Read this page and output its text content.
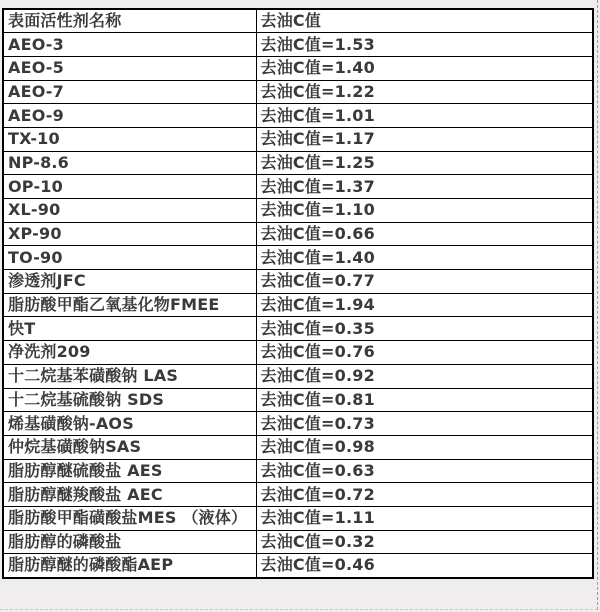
表面活性剂名称	去油C值
AEO-3	去油C值=1.53
AEO-5	去油C值=1.40
AEO-7	去油C值=1.22
AEO-9	去油C值=1.01
TX-10	去油C值=1.17
NP-8.6	去油C值=1.25
OP-10	去油C值=1.37
XL-90	去油C值=1.10
XP-90	去油C值=0.66
TO-90	去油C值=1.40
渗透剂JFC	去油C值=0.77
脂肪酸甲酯乙氧基化物FMEE	去油C值=1.94
快T	去油C值=0.35
净洗剂209	去油C值=0.76
十二烷基苯磺酸钠 LAS	去油C值=0.92
十二烷基硫酸钠 SDS	去油C值=0.81
烯基磺酸钠-AOS	去油C值=0.73
仲烷基磺酸钠SAS	去油C值=0.98
脂肪醇醚硫酸盐 AES	去油C值=0.63
脂肪醇醚羧酸盐 AEC	去油C值=0.72
脂肪酸甲酯磺酸盐MES （液体）	去油C值=1.11
脂肪醇的磷酸盐	去油C值=0.32
脂肪醇醚的磷酸酯AEP	去油C值=0.46
